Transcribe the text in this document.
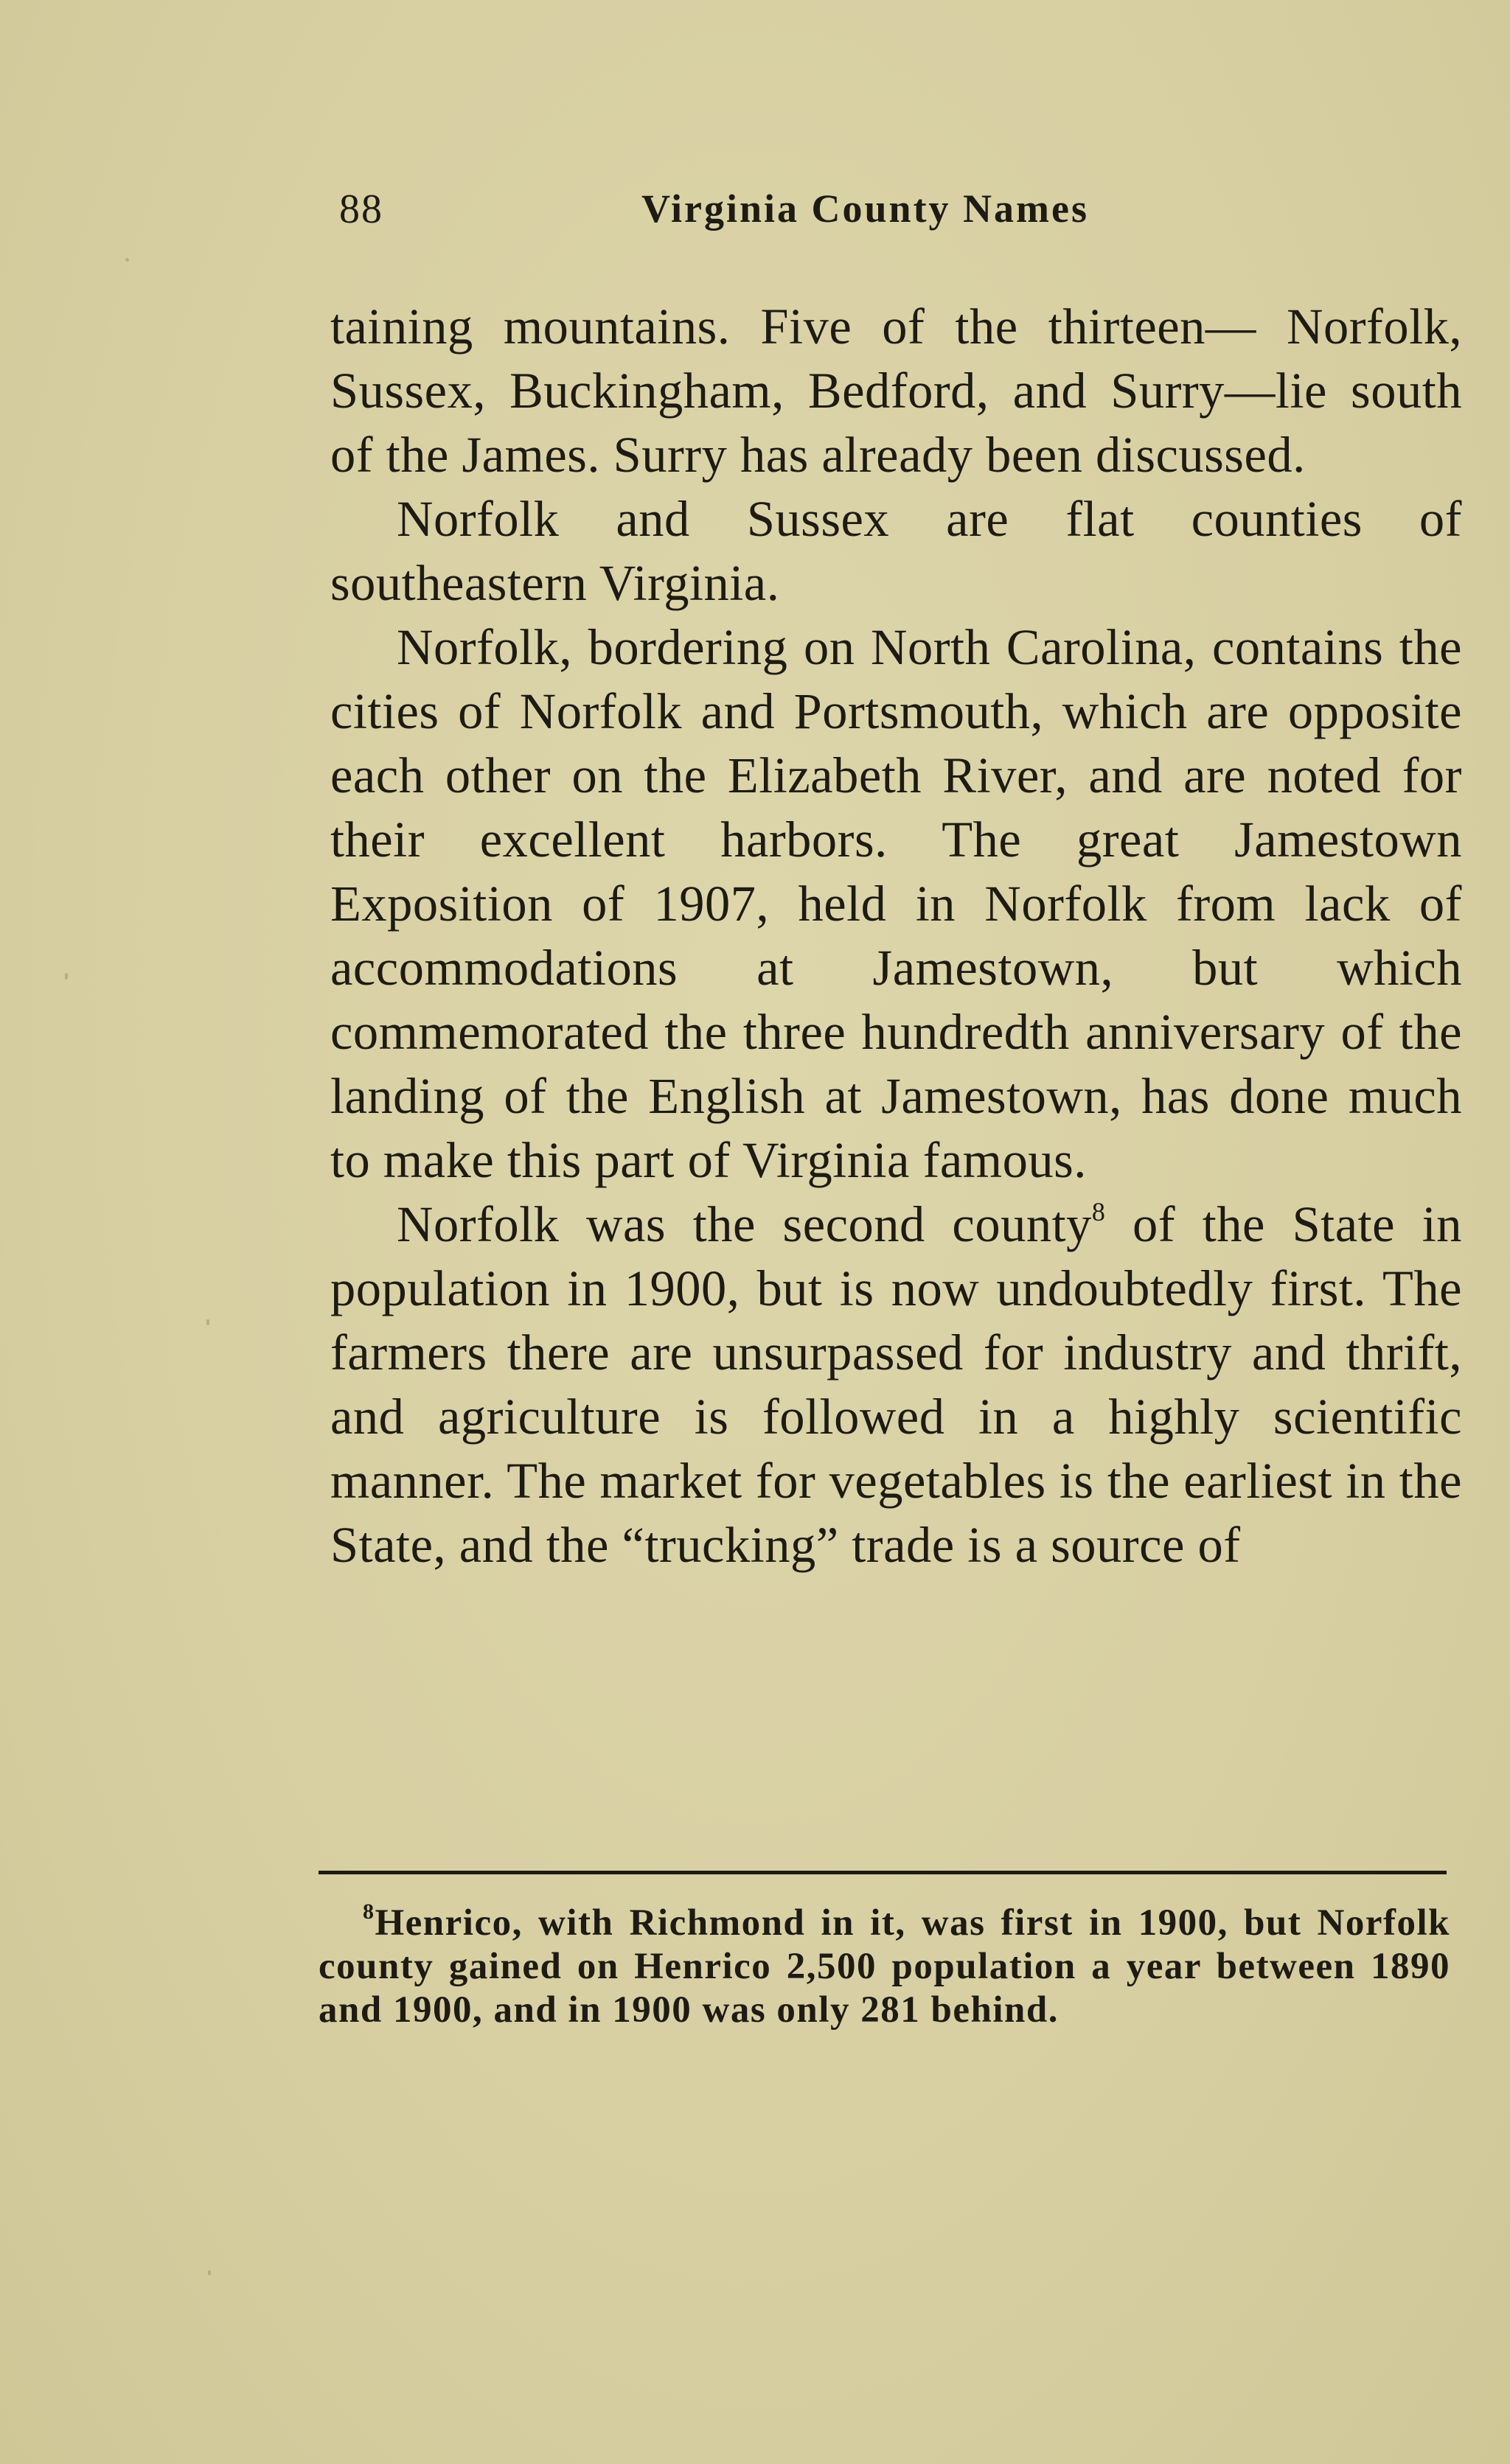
88	Virginia County Names

taining mountains. Five of the thirteen— Norfolk, Sussex, Buckingham, Bedford, and Surry—lie south of the James. Surry has already been discussed.

Norfolk and Sussex are flat counties of southeastern Virginia.

Norfolk, bordering on North Carolina, contains the cities of Norfolk and Portsmouth, which are opposite each other on the Elizabeth River, and are noted for their excellent harbors. The great Jamestown Exposition of 1907, held in Norfolk from lack of accommodations at Jamestown, but which commemorated the three hundredth anniversary of the landing of the English at Jamestown, has done much to make this part of Virginia famous.

Norfolk was the second county$^8$ of the State in population in 1900, but is now undoubtedly first. The farmers there are unsurpassed for industry and thrift, and agriculture is followed in a highly scientific manner. The market for vegetables is the earliest in the State, and the “trucking” trade is a source of

$^8$Henrico, with Richmond in it, was first in 1900, but Norfolk county gained on Henrico 2,500 population a year between 1890 and 1900, and in 1900 was only 281 behind.
